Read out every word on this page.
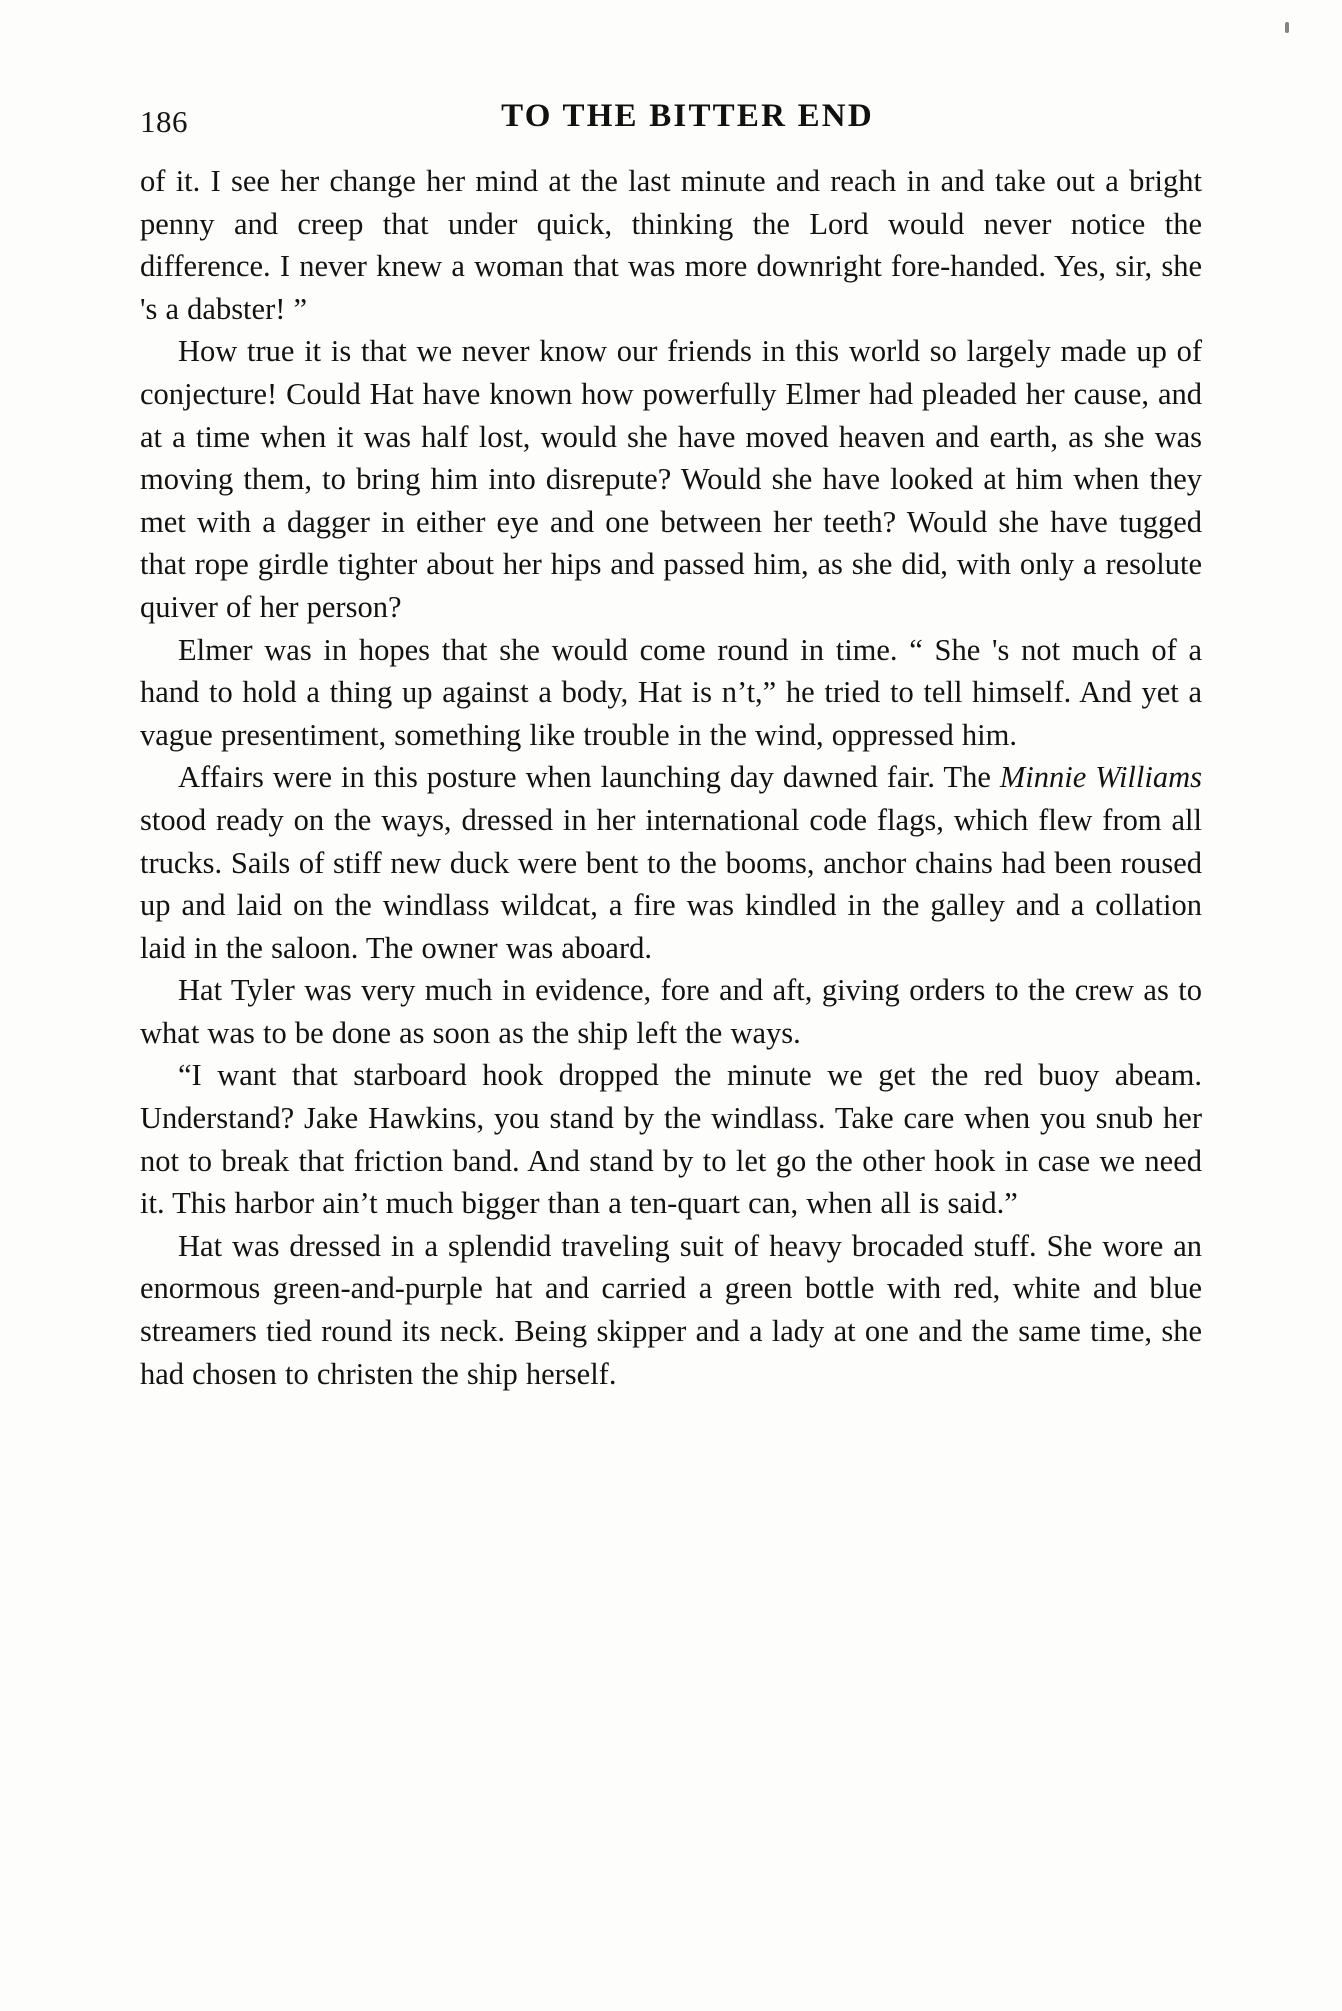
186	TO THE BITTER END

of it. I see her change her mind at the last minute and reach in and take out a bright penny and creep that under quick, thinking the Lord would never notice the difference. I never knew a woman that was more downright fore-handed. Yes, sir, she 's a dabster! ”

How true it is that we never know our friends in this world so largely made up of conjecture! Could Hat have known how powerfully Elmer had pleaded her cause, and at a time when it was half lost, would she have moved heaven and earth, as she was moving them, to bring him into disrepute? Would she have looked at him when they met with a dagger in either eye and one between her teeth? Would she have tugged that rope girdle tighter about her hips and passed him, as she did, with only a resolute quiver of her person?

Elmer was in hopes that she would come round in time. “ She 's not much of a hand to hold a thing up against a body, Hat is n’t,” he tried to tell himself. And yet a vague presentiment, something like trouble in the wind, oppressed him.

Affairs were in this posture when launching day dawned fair. The Minnie Williams stood ready on the ways, dressed in her international code flags, which flew from all trucks. Sails of stiff new duck were bent to the booms, anchor chains had been roused up and laid on the windlass wildcat, a fire was kindled in the galley and a collation laid in the saloon. The owner was aboard.

Hat Tyler was very much in evidence, fore and aft, giving orders to the crew as to what was to be done as soon as the ship left the ways.

“I want that starboard hook dropped the minute we get the red buoy abeam. Understand? Jake Hawkins, you stand by the windlass. Take care when you snub her not to break that friction band. And stand by to let go the other hook in case we need it. This harbor ain’t much bigger than a ten-quart can, when all is said.”

Hat was dressed in a splendid traveling suit of heavy brocaded stuff. She wore an enormous green-and-purple hat and carried a green bottle with red, white and blue streamers tied round its neck. Being skipper and a lady at one and the same time, she had chosen to christen the ship herself.
